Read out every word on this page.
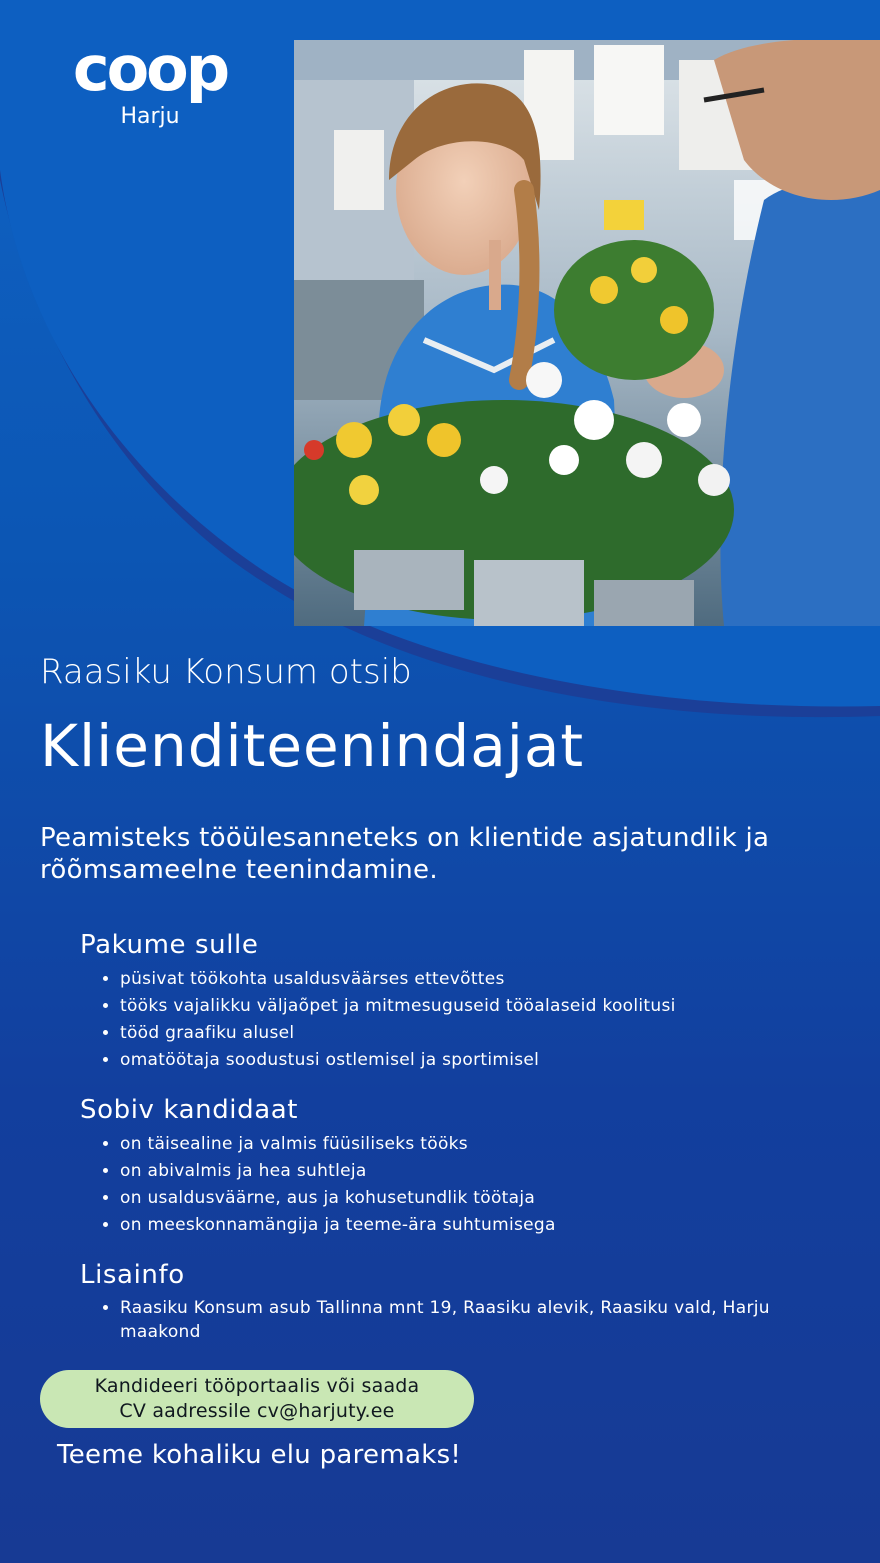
coop
Harju
Raasiku Konsum otsib
Klienditeenindajat
Peamisteks tööülesanneteks on klientide asjatundlik ja rõõmsameelne teenindamine.
Pakume sulle
• püsivat töökohta usaldusväärses ettevõttes
• tööks vajalikku väljaõpet ja mitmesuguseid tööalaseid koolitusi
• tööd graafiku alusel
• omatöötaja soodustusi ostlemisel ja sportimisel
Sobiv kandidaat
• on täisealine ja valmis füüsiliseks tööks
• on abivalmis ja hea suhtleja
• on usaldusväärne, aus ja kohusetundlik töötaja
• on meeskonnamängija ja teeme-ära suhtumisega
Lisainfo
• Raasiku Konsum asub Tallinna mnt 19, Raasiku alevik, Raasiku vald, Harju maakond
Kandideeri tööportaalis või saada
CV aadressile cv@harjuty.ee
Teeme kohaliku elu paremaks!
